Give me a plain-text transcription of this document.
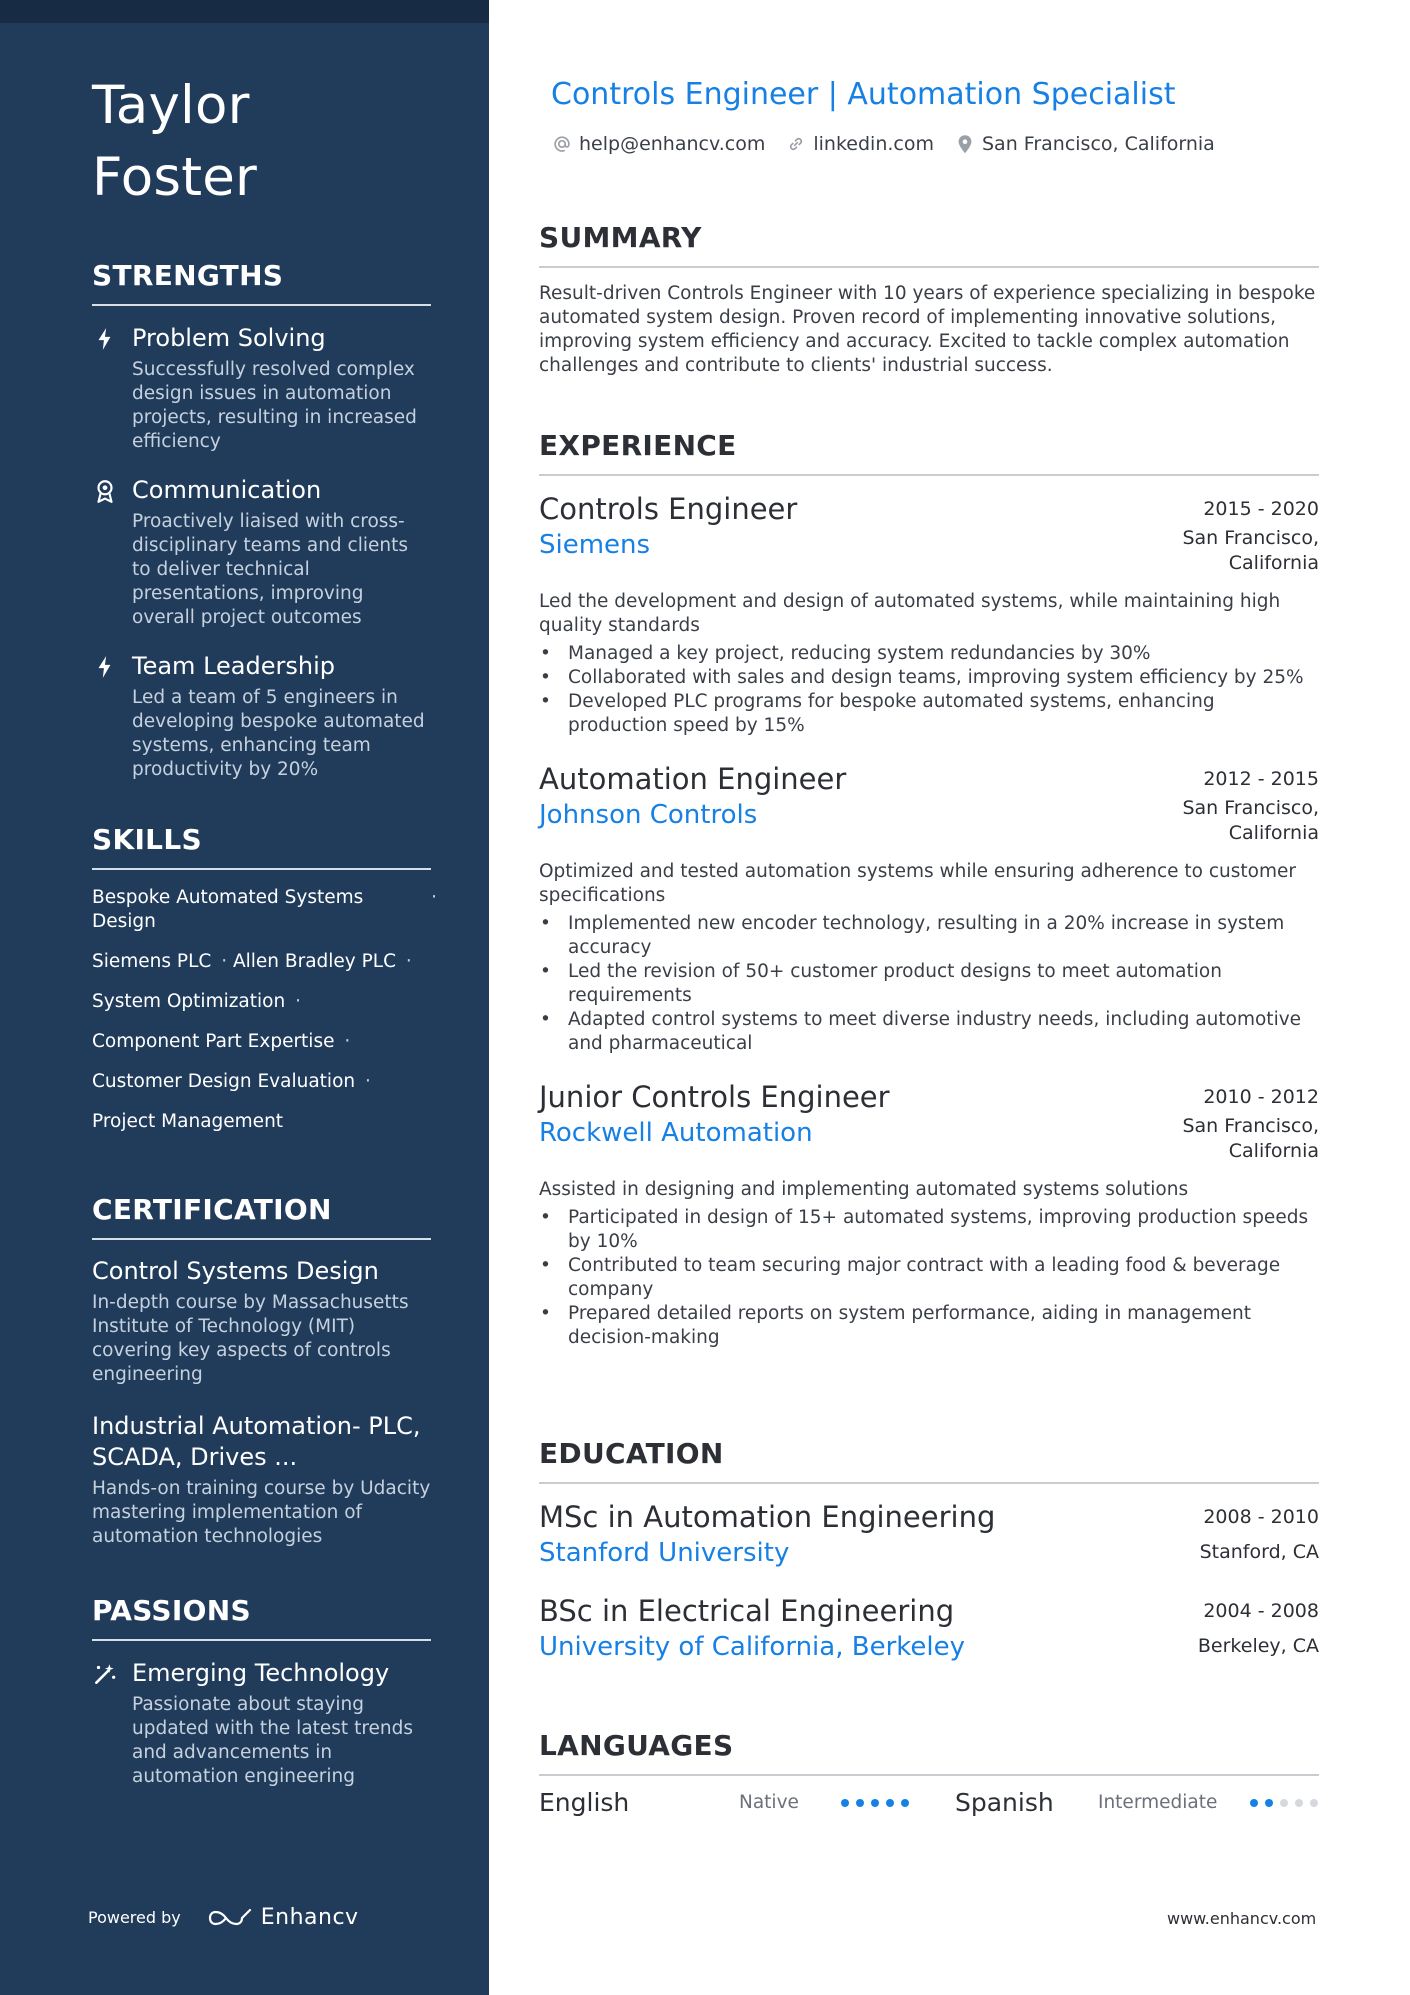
Taylor Foster
STRENGTHS
Problem Solving
Successfully resolved complex design issues in automation projects, resulting in increased efficiency
Communication
Proactively liaised with cross-disciplinary teams and clients to deliver technical presentations, improving overall project outcomes
Team Leadership
Led a team of 5 engineers in developing bespoke automated systems, enhancing team productivity by 20%
SKILLS
Bespoke Automated Systems Design
·
Siemens PLC · Allen Bradley PLC ·
System Optimization ·
Component Part Expertise ·
Customer Design Evaluation ·
Project Management
CERTIFICATION
Control Systems Design
In-depth course by Massachusetts Institute of Technology (MIT) covering key aspects of controls engineering
Industrial Automation- PLC, SCADA, Drives ...
Hands-on training course by Udacity mastering implementation of automation technologies
PASSIONS
Emerging Technology
Passionate about staying updated with the latest trends and advancements in automation engineering
Powered by	Enhancv
Controls Engineer | Automation Specialist
help@enhancv.com	linkedin.com	San Francisco, California
SUMMARY

Result-driven Controls Engineer with 10 years of experience specializing in bespoke automated system design. Proven record of implementing innovative solutions, improving system efficiency and accuracy. Excited to tackle complex automation challenges and contribute to clients' industrial success.

EXPERIENCE
Controls Engineer
Siemens
2015 - 2020
San Francisco,
California
Led the development and design of automated systems, while maintaining high quality standards
• Managed a key project, reducing system redundancies by 30%
• Collaborated with sales and design teams, improving system efficiency by 25%
• Developed PLC programs for bespoke automated systems, enhancing production speed by 15%
Automation Engineer
Johnson Controls
2012 - 2015
San Francisco,
California
Optimized and tested automation systems while ensuring adherence to customer specifications
• Implemented new encoder technology, resulting in a 20% increase in system accuracy
• Led the revision of 50+ customer product designs to meet automation requirements
• Adapted control systems to meet diverse industry needs, including automotive and pharmaceutical
Junior Controls Engineer
Rockwell Automation
2010 - 2012
San Francisco,
California
Assisted in designing and implementing automated systems solutions
• Participated in design of 15+ automated systems, improving production speeds by 10%
• Contributed to team securing major contract with a leading food & beverage company
• Prepared detailed reports on system performance, aiding in management decision-making
EDUCATION
MSc in Automation Engineering	2008 - 2010
Stanford University	Stanford, CA
BSc in Electrical Engineering	2004 - 2008
University of California, Berkeley	Berkeley, CA
LANGUAGES
English	Native	Spanish	Intermediate
www.enhancv.com
